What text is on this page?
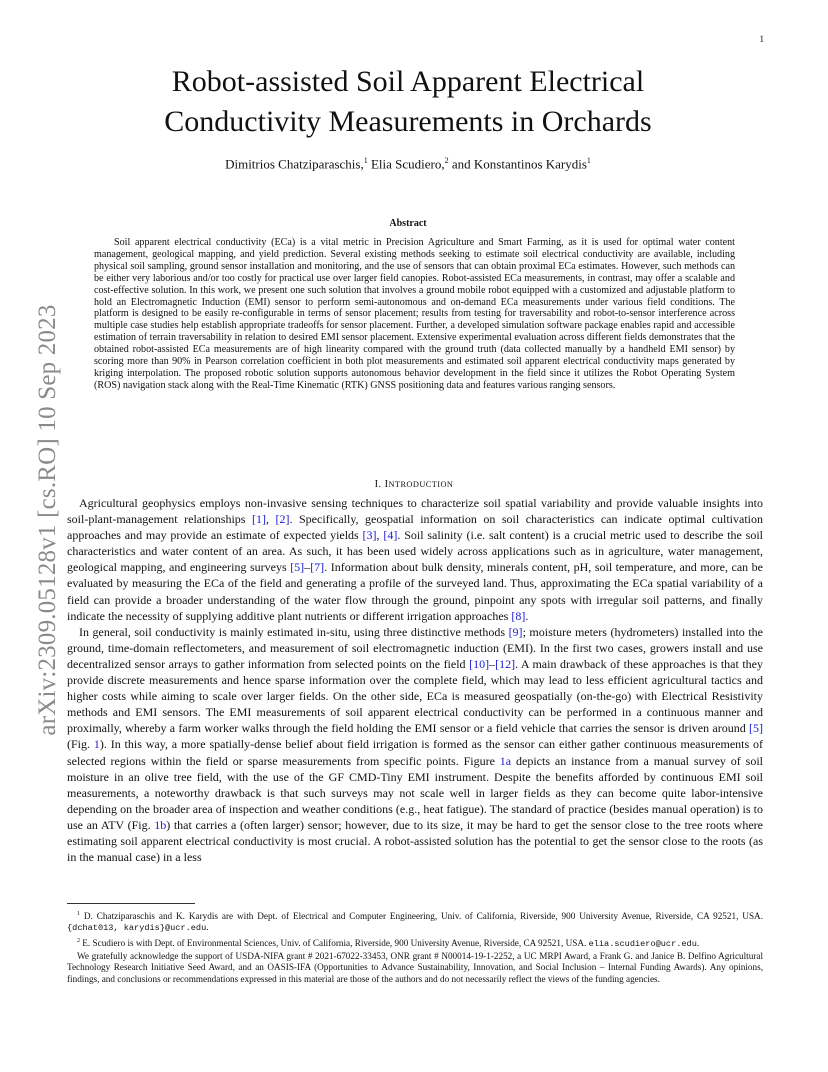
1
arXiv:2309.05128v1 [cs.RO] 10 Sep 2023
Robot-assisted Soil Apparent Electrical
Conductivity Measurements in Orchards
Dimitrios Chatziparaschis,$^1$ Elia Scudiero,$^2$ and Konstantinos Karydis$^1$
Abstract

Soil apparent electrical conductivity (ECa) is a vital metric in Precision Agriculture and Smart Farming, as it is used for optimal water content management, geological mapping, and yield prediction. Several existing methods seeking to estimate soil electrical conductivity are available, including physical soil sampling, ground sensor installation and monitoring, and the use of sensors that can obtain proximal ECa estimates. However, such methods can be either very laborious and/or too costly for practical use over larger field canopies. Robot-assisted ECa measurements, in contrast, may offer a scalable and cost-effective solution. In this work, we present one such solution that involves a ground mobile robot equipped with a customized and adjustable platform to hold an Electromagnetic Induction (EMI) sensor to perform semi-autonomous and on-demand ECa measurements under various field conditions. The platform is designed to be easily re-configurable in terms of sensor placement; results from testing for traversability and robot-to-sensor interference across multiple case studies help establish appropriate tradeoffs for sensor placement. Further, a developed simulation software package enables rapid and accessible estimation of terrain traversability in relation to desired EMI sensor placement. Extensive experimental evaluation across different fields demonstrates that the obtained robot-assisted ECa measurements are of high linearity compared with the ground truth (data collected manually by a handheld EMI sensor) by scoring more than 90% in Pearson correlation coefficient in both plot measurements and estimated soil apparent electrical conductivity maps generated by kriging interpolation. The proposed robotic solution supports autonomous behavior development in the field since it utilizes the Robot Operating System (ROS) navigation stack along with the Real-Time Kinematic (RTK) GNSS positioning data and features various ranging sensors.

I. INTRODUCTION

Agricultural geophysics employs non-invasive sensing techniques to characterize soil spatial variability and provide valuable insights into soil-plant-management relationships [1], [2]. Specifically, geospatial information on soil characteristics can indicate optimal cultivation approaches and may provide an estimate of expected yields [3], [4]. Soil salinity (i.e. salt content) is a crucial metric used to describe the soil characteristics and water content of an area. As such, it has been used widely across applications such as in agriculture, water management, geological mapping, and engineering surveys [5]–[7]. Information about bulk density, minerals content, pH, soil temperature, and more, can be evaluated by measuring the ECa of the field and generating a profile of the surveyed land. Thus, approximating the ECa spatial variability of a field can provide a broader understanding of the water flow through the ground, pinpoint any spots with irregular soil patterns, and finally indicate the necessity of supplying additive plant nutrients or different irrigation approaches [8].

In general, soil conductivity is mainly estimated in-situ, using three distinctive methods [9]; moisture meters (hydrometers) installed into the ground, time-domain reflectometers, and measurement of soil electromagnetic induction (EMI). In the first two cases, growers install and use decentralized sensor arrays to gather information from selected points on the field [10]–[12]. A main drawback of these approaches is that they provide discrete measurements and hence sparse information over the complete field, which may lead to less efficient agricultural tactics and higher costs while aiming to scale over larger fields. On the other side, ECa is measured geospatially (on-the-go) with Electrical Resistivity methods and EMI sensors. The EMI measurements of soil apparent electrical conductivity can be performed in a continuous manner and proximally, whereby a farm worker walks through the field holding the EMI sensor or a field vehicle that carries the sensor is driven around [5] (Fig. 1). In this way, a more spatially-dense belief about field irrigation is formed as the sensor can either gather continuous measurements of selected regions within the field or sparse measurements from specific points. Figure 1a depicts an instance from a manual survey of soil moisture in an olive tree field, with the use of the GF CMD-Tiny EMI instrument. Despite the benefits afforded by continuous EMI soil measurements, a noteworthy drawback is that such surveys may not scale well in larger fields as they can become quite labor-intensive depending on the broader area of inspection and weather conditions (e.g., heat fatigue). The standard of practice (besides manual operation) is to use an ATV (Fig. 1b) that carries a (often larger) sensor; however, due to its size, it may be hard to get the sensor close to the tree roots where estimating soil apparent electrical conductivity is most crucial. A robot-assisted solution has the potential to get the sensor close to the roots (as in the manual case) in a less

$^1$ D. Chatziparaschis and K. Karydis are with Dept. of Electrical and Computer Engineering, Univ. of California, Riverside, 900 University Avenue, Riverside, CA 92521, USA. {dchat013, karydis}@ucr.edu.

$^2$ E. Scudiero is with Dept. of Environmental Sciences, Univ. of California, Riverside, 900 University Avenue, Riverside, CA 92521, USA. elia.scudiero@ucr.edu.

We gratefully acknowledge the support of USDA-NIFA grant # 2021-67022-33453, ONR grant # N00014-19-1-2252, a UC MRPI Award, a Frank G. and Janice B. Delfino Agricultural Technology Research Initiative Seed Award, and an OASIS-IFA (Opportunities to Advance Sustainability, Innovation, and Social Inclusion – Internal Funding Awards). Any opinions, findings, and conclusions or recommendations expressed in this material are those of the authors and do not necessarily reflect the views of the funding agencies.
